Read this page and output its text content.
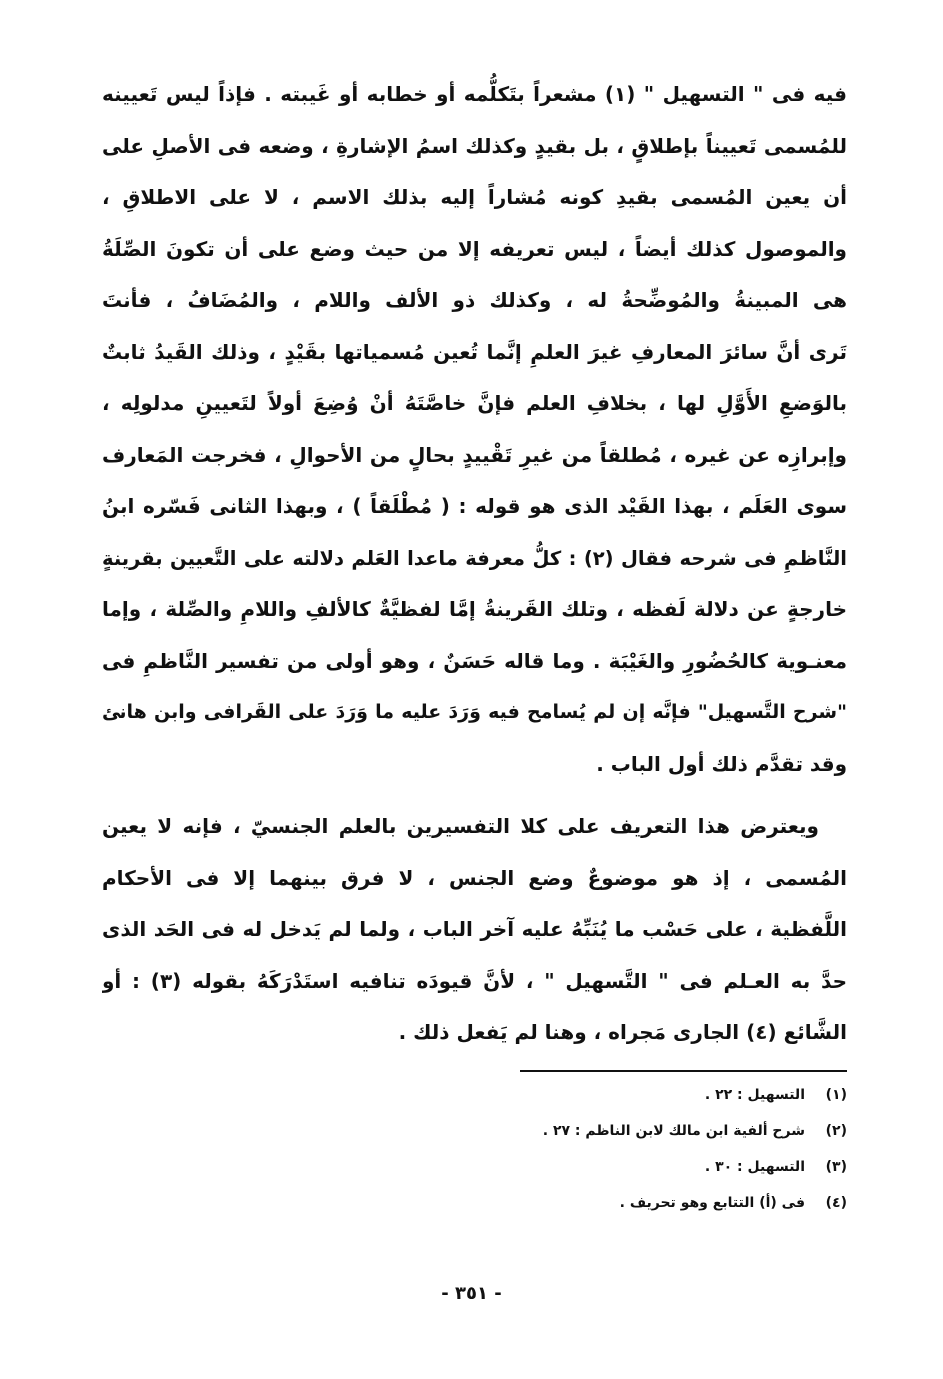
فيه فى " التسهيل " (١) مشعراً بتَكلُّمه أو خطابه أو غَيبته . فإذاً ليس تَعيينه
للمُسمى تَعييناً بإطلاقٍ ، بل بقيدٍ وكذلك اسمُ الإشارةِ ، وضعه فى الأصلِ على
أن يعين المُسمى بقيدِ كونه مُشاراً إليه بذلك الاسم ، لا على الاطلاقِ ،
والموصول كذلك أيضاً ، ليس تعريفه إلا من حيث وضع على أن تكونَ الصِّلَةُ
هى المبينةُ والمُوضِّحةُ له ، وكذلك ذو الألف واللام ، والمُضَافُ ، فأنتَ
تَرى أنَّ سائرَ المعارفِ غيرَ العلمِ إنَّما تُعين مُسمياتها بقَيْدٍ ، وذلك القَيدُ ثابتٌ
بالوَضعِ الأَوَّلِ لها ، بخلافِ العلم فإنَّ خاصَّتَهُ أنْ وُضِعَ أولاً لتَعيينِ مدلولِه ،
وإبرازِه عن غيره ، مُطلقاً من غيرِ تَقْييدٍ بحالٍ من الأحوالِ ، فخرجت المَعارف
سوى العَلَم ، بهذا القَيْد الذى هو قوله : ( مُطْلَقاً ) ، وبهذا الثانى فَسّره ابنُ
النَّاظمِ فى شرحه فقال (٢) : كلُّ معرفة ماعدا العَلم دلالته على التَّعيين بقرينةٍ
خارجةٍ عن دلالة لَفظه ، وتلك القَرينةُ إمَّا لفظيَّةٌ كالألفِ واللامِ والصِّلة ، وإما
معنـوية كالحُضُورِ والغَيْبَة . وما قاله حَسَنٌ ، وهو أولى من تفسير النَّاظمِ فى
"شرح التَّسهيل" فإنَّه إن لم يُسامح فيه وَرَدَ عليه ما وَرَدَ على القَرافى وابن هانئ
وقد تقدَّم ذلك أول الباب .
ويعترض هذا التعريف على كلا التفسيرين بالعلم الجنسيّ ، فإنه لا يعين
المُسمى ، إذ هو موضوعٌ وضع الجنس ، لا فرق بينهما إلا فى الأحكام
اللَّفظية ، على حَسْب ما يُنَبِّهُ عليه آخر الباب ، ولما لم يَدخل له فى الحَد الذى
حدَّ به العـلم فى " التَّسهيل " ، لأنَّ قيودَه تنافيه استَدْرَكَهُ بقوله (٣) : أو
الشَّائع (٤) الجارى مَجراه ، وهنا لم يَفعل ذلك .
(١)
التسهيل : ٢٢ .
(٢)
شرح ألفية ابن مالك لابن الناظم : ٢٧ .
(٣)
التسهيل : ٣٠ .
(٤)
فى (أ) التتابع وهو تحريف .
- ٣٥١ -
